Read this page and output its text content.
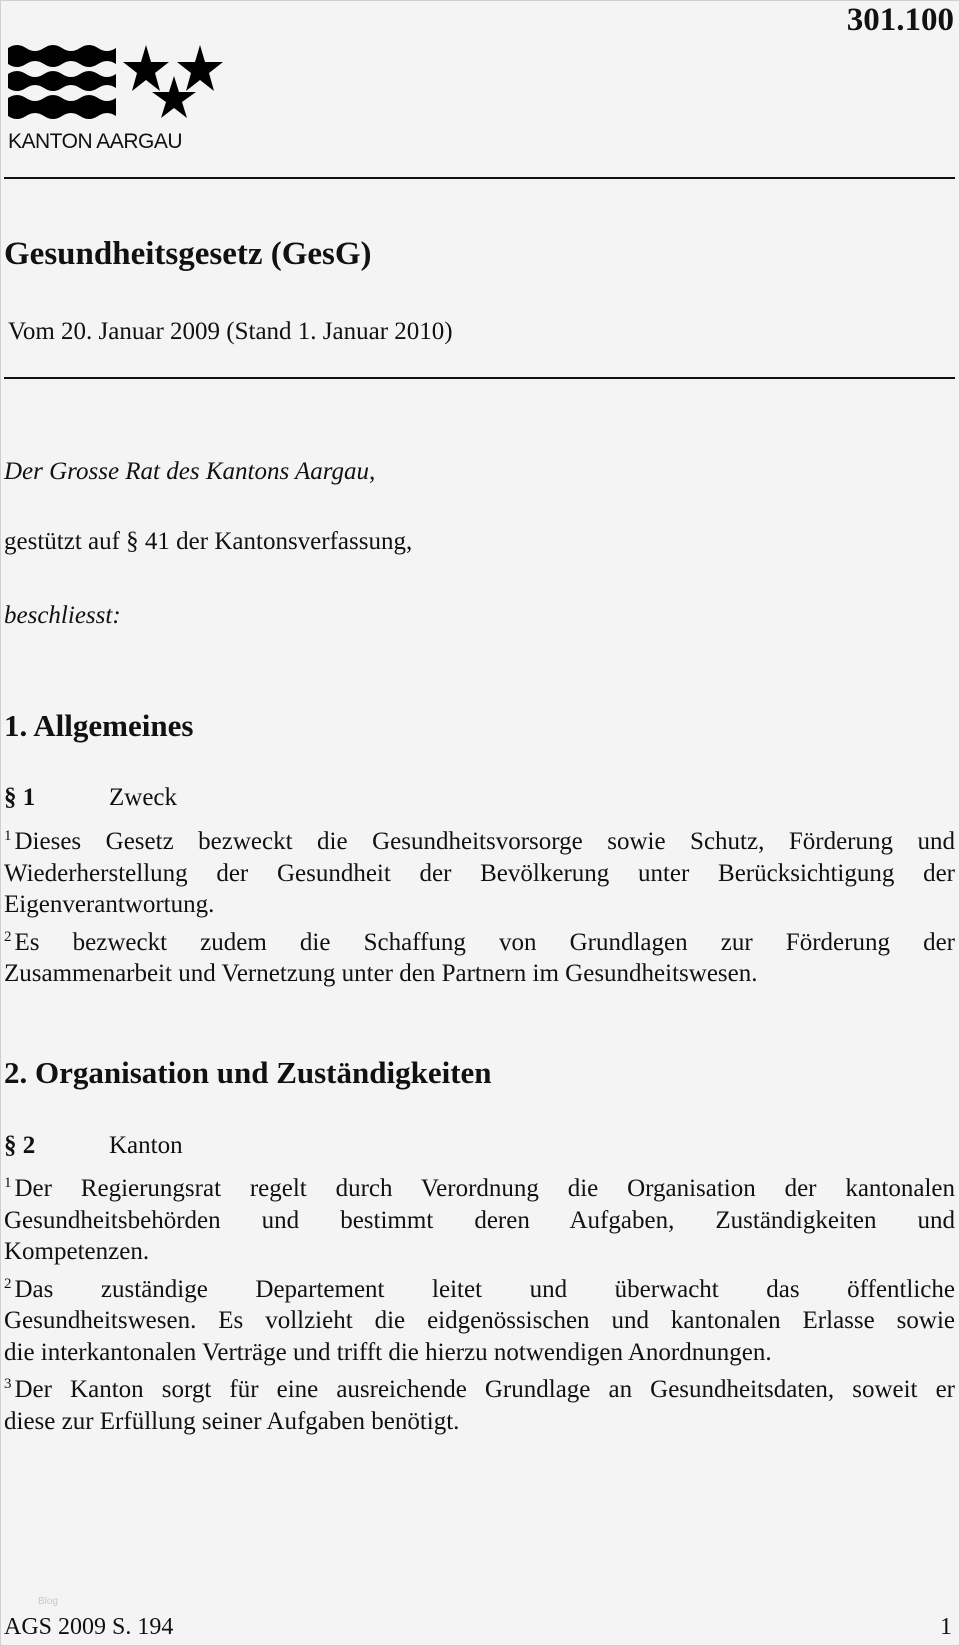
301.100
KANTON AARGAU
Gesundheitsgesetz (GesG)
Vom 20. Januar 2009 (Stand 1. Januar 2010)
Der Grosse Rat des Kantons Aargau,
gestützt auf § 41 der Kantonsverfassung,
beschliesst:
1. Allgemeines
§ 1	Zweck
$^1$ Dieses Gesetz bezweckt die Gesundheitsvorsorge sowie Schutz, Förderung und
Wiederherstellung der Gesundheit der Bevölkerung unter Berücksichtigung der
Eigenverantwortung.
$^2$ Es bezweckt zudem die Schaffung von Grundlagen zur Förderung der
Zusammenarbeit und Vernetzung unter den Partnern im Gesundheitswesen.
2. Organisation und Zuständigkeiten
§ 2	Kanton
$^1$ Der Regierungsrat regelt durch Verordnung die Organisation der kantonalen
Gesundheitsbehörden und bestimmt deren Aufgaben, Zuständigkeiten und
Kompetenzen.
$^2$ Das zuständige Departement leitet und überwacht das öffentliche
Gesundheitswesen. Es vollzieht die eidgenössischen und kantonalen Erlasse sowie
die interkantonalen Verträge und trifft die hierzu notwendigen Anordnungen.
$^3$ Der Kanton sorgt für eine ausreichende Grundlage an Gesundheitsdaten, soweit er
diese zur Erfüllung seiner Aufgaben benötigt.
Blog
AGS 2009 S. 194	1
